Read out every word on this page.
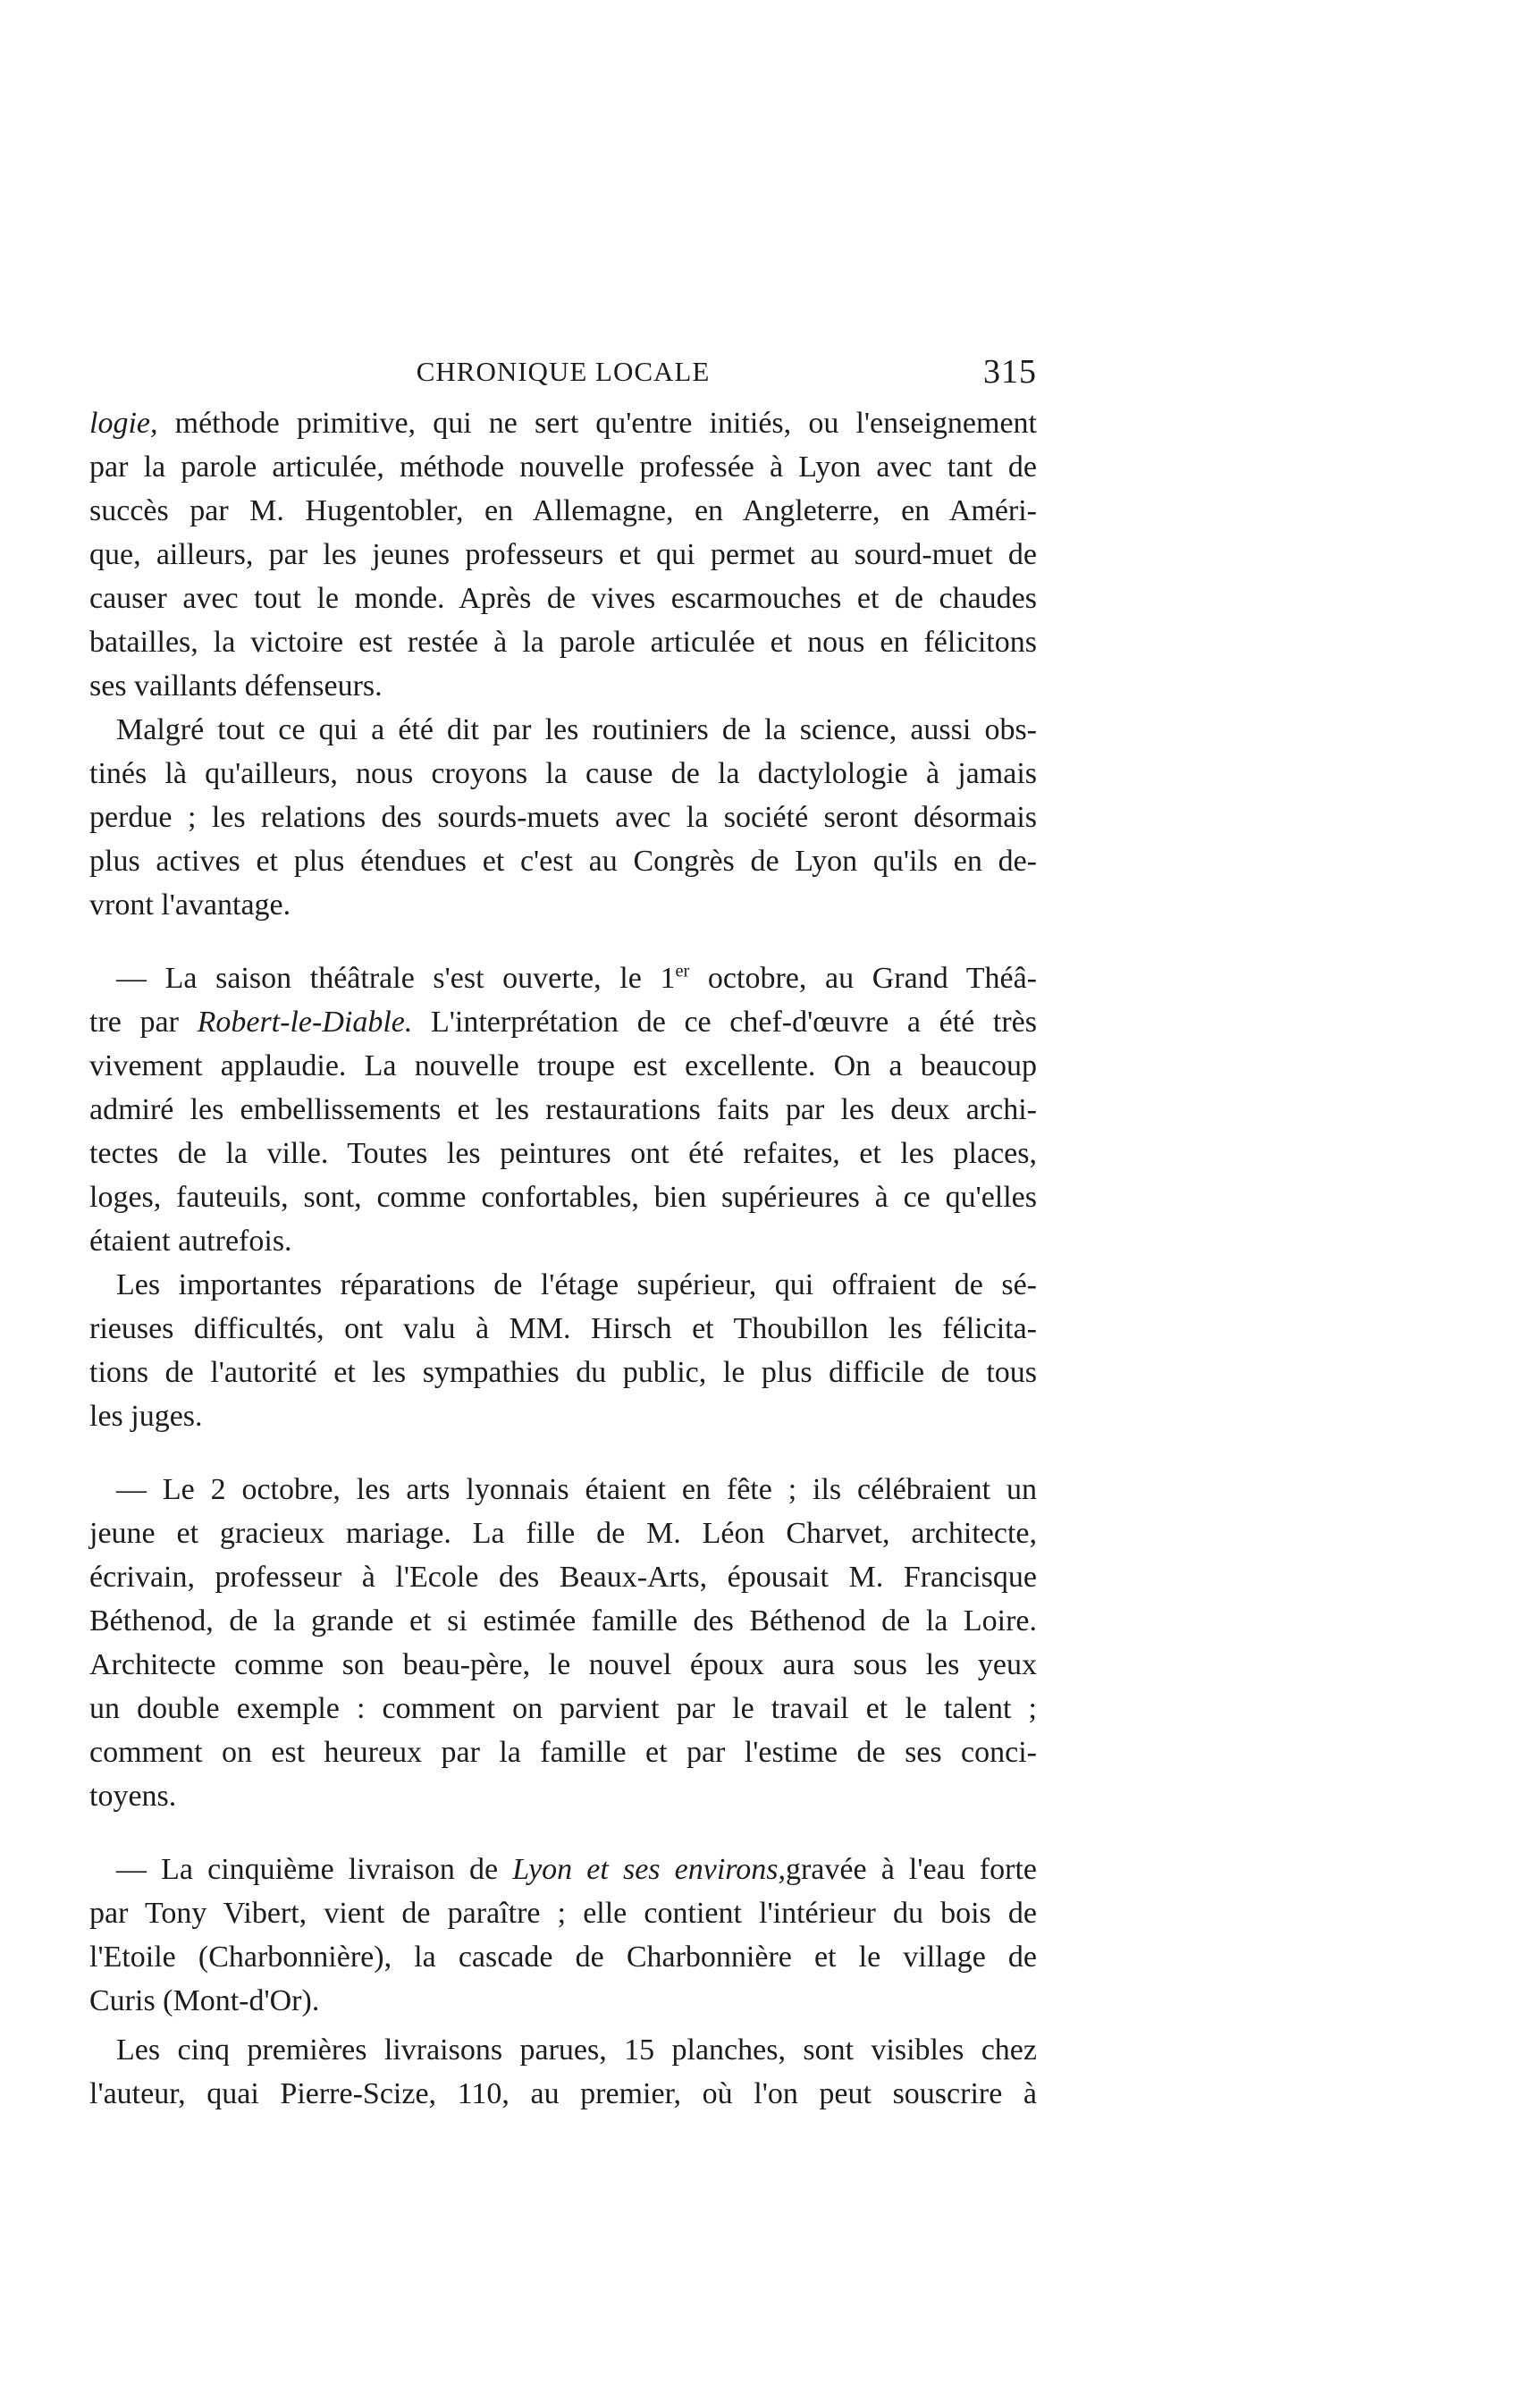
CHRONIQUE LOCALE	315
logie, méthode primitive, qui ne sert qu'entre initiés, ou l'enseignement
par la parole articulée, méthode nouvelle professée à Lyon avec tant de
succès par M. Hugentobler, en Allemagne, en Angleterre, en Améri-
que, ailleurs, par les jeunes professeurs et qui permet au sourd-muet de
causer avec tout le monde. Après de vives escarmouches et de chaudes
batailles, la victoire est restée à la parole articulée et nous en félicitons
ses vaillants défenseurs.
Malgré tout ce qui a été dit par les routiniers de la science, aussi obs-
tinés là qu'ailleurs, nous croyons la cause de la dactylologie à jamais
perdue ; les relations des sourds-muets avec la société seront désormais
plus actives et plus étendues et c'est au Congrès de Lyon qu'ils en de-
vront l'avantage.
— La saison théâtrale s'est ouverte, le 1er octobre, au Grand Théâ-
tre par Robert-le-Diable. L'interprétation de ce chef-d'œuvre a été très
vivement applaudie. La nouvelle troupe est excellente. On a beaucoup
admiré les embellissements et les restaurations faits par les deux archi-
tectes de la ville. Toutes les peintures ont été refaites, et les places,
loges, fauteuils, sont, comme confortables, bien supérieures à ce qu'elles
étaient autrefois.
Les importantes réparations de l'étage supérieur, qui offraient de sé-
rieuses difficultés, ont valu à MM. Hirsch et Thoubillon les félicita-
tions de l'autorité et les sympathies du public, le plus difficile de tous
les juges.
— Le 2 octobre, les arts lyonnais étaient en fête ; ils célébraient un
jeune et gracieux mariage. La fille de M. Léon Charvet, architecte,
écrivain, professeur à l'Ecole des Beaux-Arts, épousait M. Francisque
Béthenod, de la grande et si estimée famille des Béthenod de la Loire.
Architecte comme son beau-père, le nouvel époux aura sous les yeux
un double exemple : comment on parvient par le travail et le talent ;
comment on est heureux par la famille et par l'estime de ses conci-
toyens.
— La cinquième livraison de Lyon et ses environs,gravée à l'eau forte
par Tony Vibert, vient de paraître ; elle contient l'intérieur du bois de
l'Etoile (Charbonnière), la cascade de Charbonnière et le village de
Curis (Mont-d'Or).
Les cinq premières livraisons parues, 15 planches, sont visibles chez
l'auteur, quai Pierre-Scize, 110, au premier, où l'on peut souscrire à
